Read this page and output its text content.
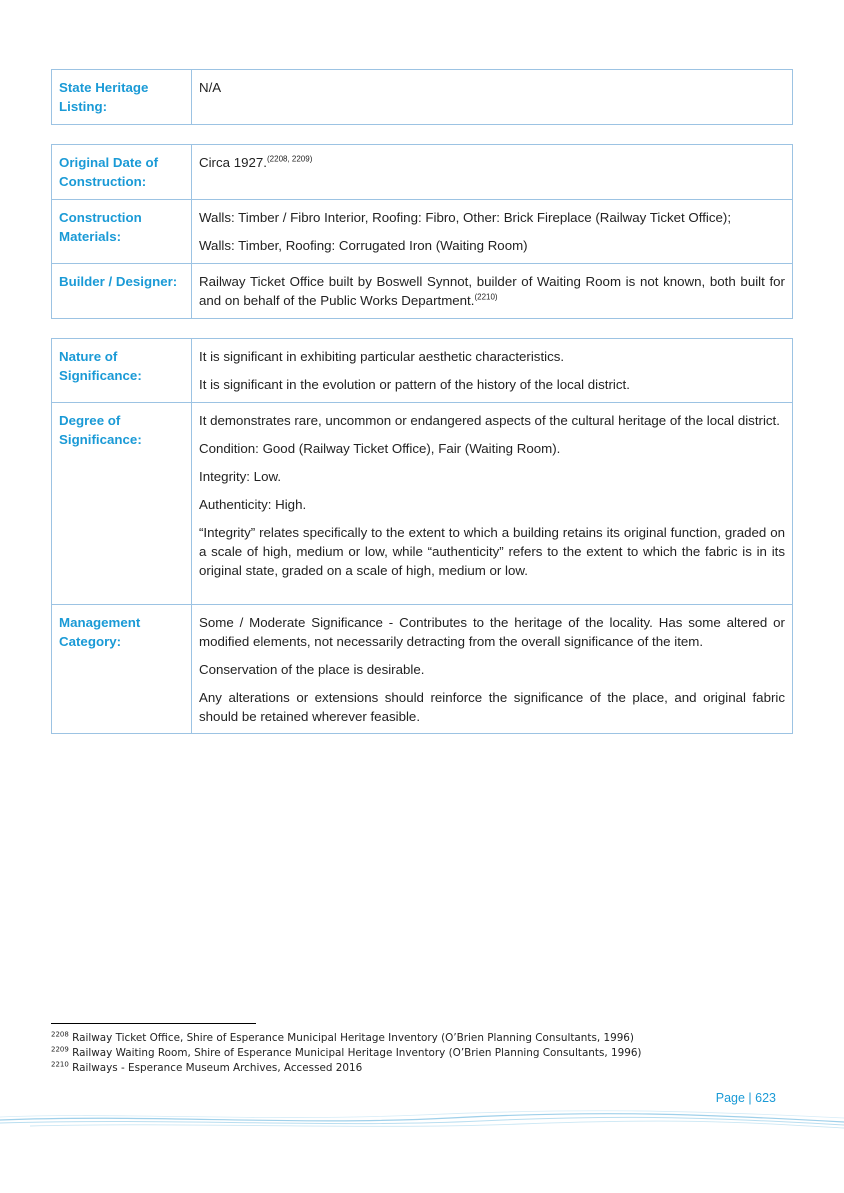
State Heritage Listing:	N/A
Original Date of Construction:	Circa 1927.$^{(2208, 2209)}$
Construction Materials:	Walls: Timber / Fibro Interior, Roofing: Fibro, Other: Brick Fireplace (Railway Ticket Office);

Walls: Timber, Roofing: Corrugated Iron (Waiting Room)

Builder / Designer:	Railway Ticket Office built by Boswell Synnot, builder of Waiting Room is not known, both built for and on behalf of the Public Works Department.$^{(2210)}$
Nature of Significance:	It is significant in exhibiting particular aesthetic characteristics.

It is significant in the evolution or pattern of the history of the local district.

Degree of Significance:	It demonstrates rare, uncommon or endangered aspects of the cultural heritage of the local district.

Condition: Good (Railway Ticket Office), Fair (Waiting Room).

Integrity: Low.

Authenticity: High.

“Integrity” relates specifically to the extent to which a building retains its original function, graded on a scale of high, medium or low, while “authenticity” refers to the extent to which the fabric is in its original state, graded on a scale of high, medium or low.

Management Category:	Some / Moderate Significance - Contributes to the heritage of the locality. Has some altered or modified elements, not necessarily detracting from the overall significance of the item.

Conservation of the place is desirable.

Any alterations or extensions should reinforce the significance of the place, and original fabric should be retained wherever feasible.

$^{2208}$ Railway Ticket Office, Shire of Esperance Municipal Heritage Inventory (O’Brien Planning Consultants, 1996)
$^{2209}$ Railway Waiting Room, Shire of Esperance Municipal Heritage Inventory (O’Brien Planning Consultants, 1996)
$^{2210}$ Railways - Esperance Museum Archives, Accessed 2016
Page | 623
